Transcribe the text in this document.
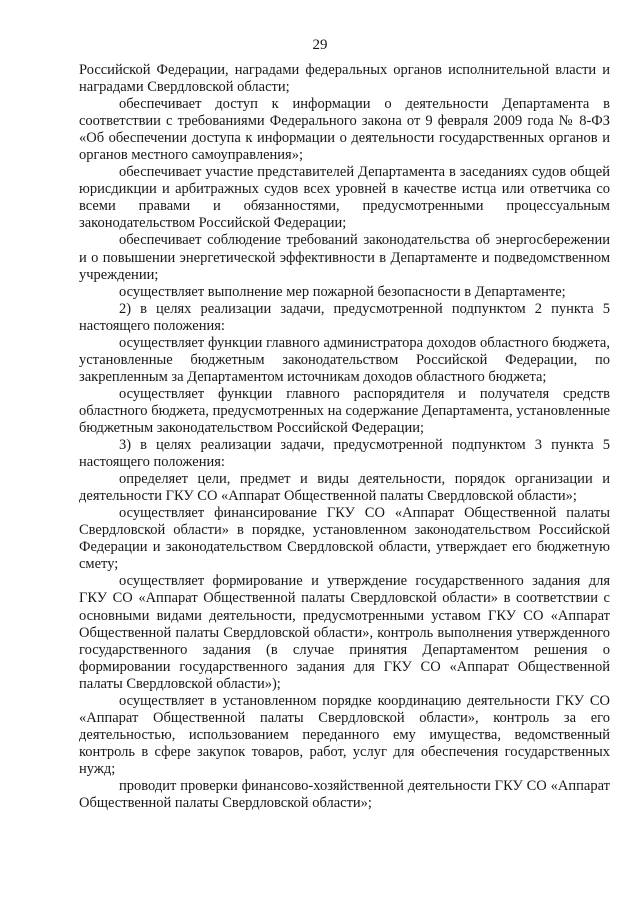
29

Российской Федерации, наградами федеральных органов исполнительной власти и наградами Свердловской области;

обеспечивает доступ к информации о деятельности Департамента в соответствии с требованиями Федерального закона от 9 февраля 2009 года № 8-ФЗ «Об обеспечении доступа к информации о деятельности государственных органов и органов местного самоуправления»;

обеспечивает участие представителей Департамента в заседаниях судов общей юрисдикции и арбитражных судов всех уровней в качестве истца или ответчика со всеми правами и обязанностями, предусмотренными процессуальным законодательством Российской Федерации;

обеспечивает соблюдение требований законодательства об энергосбережении и о повышении энергетической эффективности в Департаменте и подведомственном учреждении;

осуществляет выполнение мер пожарной безопасности в Департаменте;

2) в целях реализации задачи, предусмотренной подпунктом 2 пункта 5 настоящего положения:

осуществляет функции главного администратора доходов областного бюджета, установленные бюджетным законодательством Российской Федерации, по закрепленным за Департаментом источникам доходов областного бюджета;

осуществляет функции главного распорядителя и получателя средств областного бюджета, предусмотренных на содержание Департамента, установленные бюджетным законодательством Российской Федерации;

3) в целях реализации задачи, предусмотренной подпунктом 3 пункта 5 настоящего положения:

определяет цели, предмет и виды деятельности, порядок организации и деятельности ГКУ СО «Аппарат Общественной палаты Свердловской области»;

осуществляет финансирование ГКУ СО «Аппарат Общественной палаты Свердловской области» в порядке, установленном законодательством Российской Федерации и законодательством Свердловской области, утверждает его бюджетную смету;

осуществляет формирование и утверждение государственного задания для ГКУ СО «Аппарат Общественной палаты Свердловской области» в соответствии с основными видами деятельности, предусмотренными уставом ГКУ СО «Аппарат Общественной палаты Свердловской области», контроль выполнения утвержденного государственного задания (в случае принятия Департаментом решения о формировании государственного задания для ГКУ СО «Аппарат Общественной палаты Свердловской области»);

осуществляет в установленном порядке координацию деятельности ГКУ СО «Аппарат Общественной палаты Свердловской области», контроль за его деятельностью, использованием переданного ему имущества, ведомственный контроль в сфере закупок товаров, работ, услуг для обеспечения государственных нужд;

проводит проверки финансово-хозяйственной деятельности ГКУ СО «Аппарат Общественной палаты Свердловской области»;
